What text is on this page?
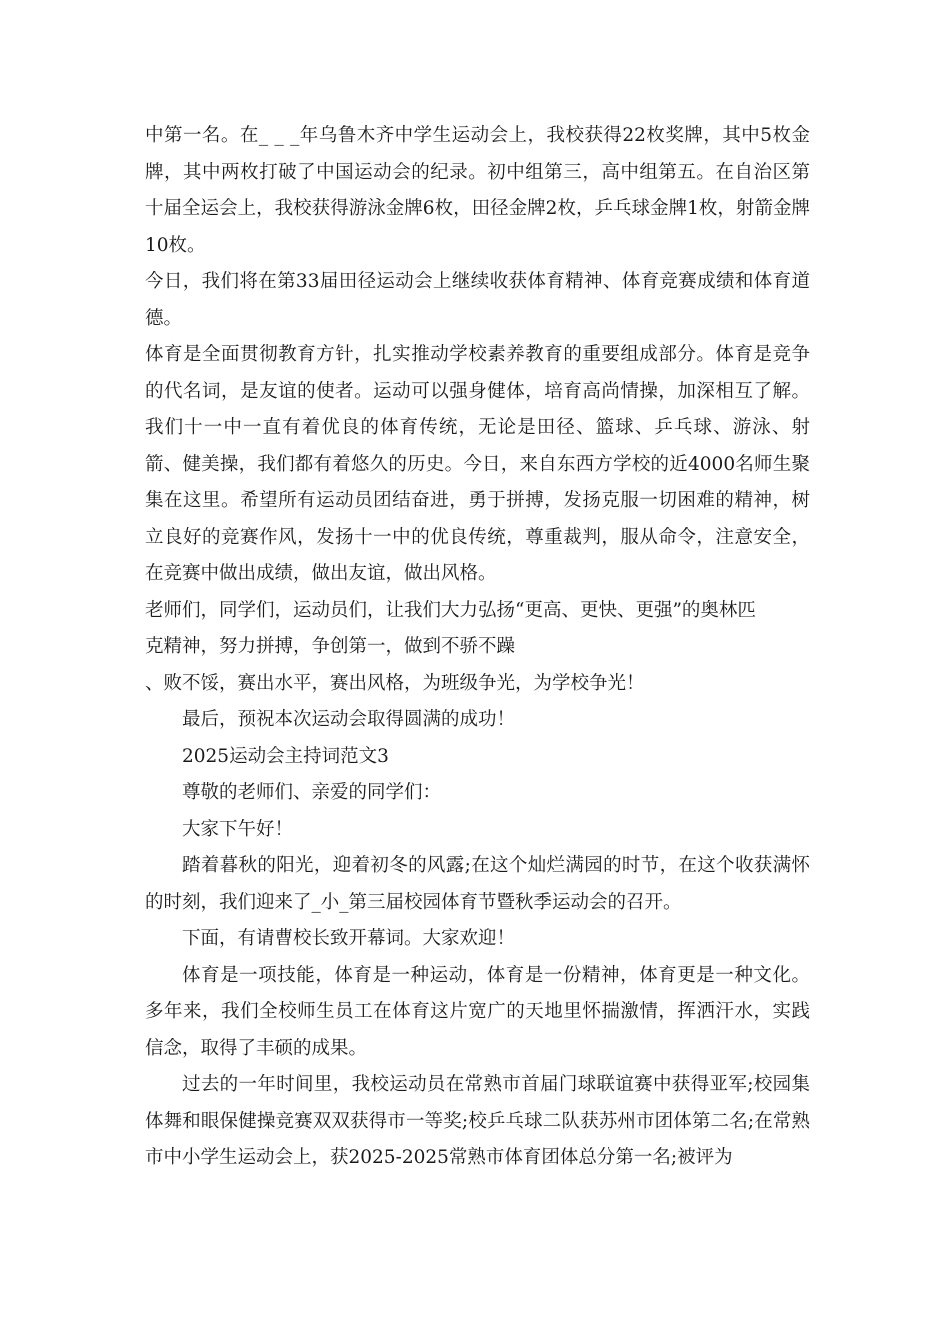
中第一名。在_ _ _年乌鲁木齐中学生运动会上，我校获得22枚奖牌，其中5枚金牌，其中两枚打破了中国运动会的纪录。初中组第三，高中组第五。在自治区第十届全运会上，我校获得游泳金牌6枚，田径金牌2枚，乒乓球金牌1枚，射箭金牌10枚。

今日，我们将在第33届田径运动会上继续收获体育精神、体育竞赛成绩和体育道德。

体育是全面贯彻教育方针，扎实推动学校素养教育的重要组成部分。体育是竞争的代名词，是友谊的使者。运动可以强身健体，培育高尚情操，加深相互了解。我们十一中一直有着优良的体育传统，无论是田径、篮球、乒乓球、游泳、射箭、健美操，我们都有着悠久的历史。今日，来自东西方学校的近4000名师生聚集在这里。希望所有运动员团结奋进，勇于拼搏，发扬克服一切困难的精神，树立良好的竞赛作风，发扬十一中的优良传统，尊重裁判，服从命令，注意安全，在竞赛中做出成绩，做出友谊，做出风格。

老师们，同学们，运动员们，让我们大力弘扬“更高、更快、更强”的奥林匹
克精神，努力拼搏，争创第一，做到不骄不躁

、败不馁，赛出水平，赛出风格，为班级争光，为学校争光！

最后，预祝本次运动会取得圆满的成功！

2025运动会主持词范文3

尊敬的老师们、亲爱的同学们：

大家下午好！

踏着暮秋的阳光，迎着初冬的风露;在这个灿烂满园的时节，在这个收获满怀的时刻，我们迎来了_小_第三届校园体育节暨秋季运动会的召开。

下面，有请曹校长致开幕词。大家欢迎！

体育是一项技能，体育是一种运动，体育是一份精神，体育更是一种文化。多年来，我们全校师生员工在体育这片宽广的天地里怀揣激情，挥洒汗水，实践信念，取得了丰硕的成果。

过去的一年时间里，我校运动员在常熟市首届门球联谊赛中获得亚军;校园集体舞和眼保健操竞赛双双获得市一等奖;校乒乓球二队获苏州市团体第二名;在常熟市中小学生运动会上，获2025-2025常熟市体育团体总分第一名;被评为
